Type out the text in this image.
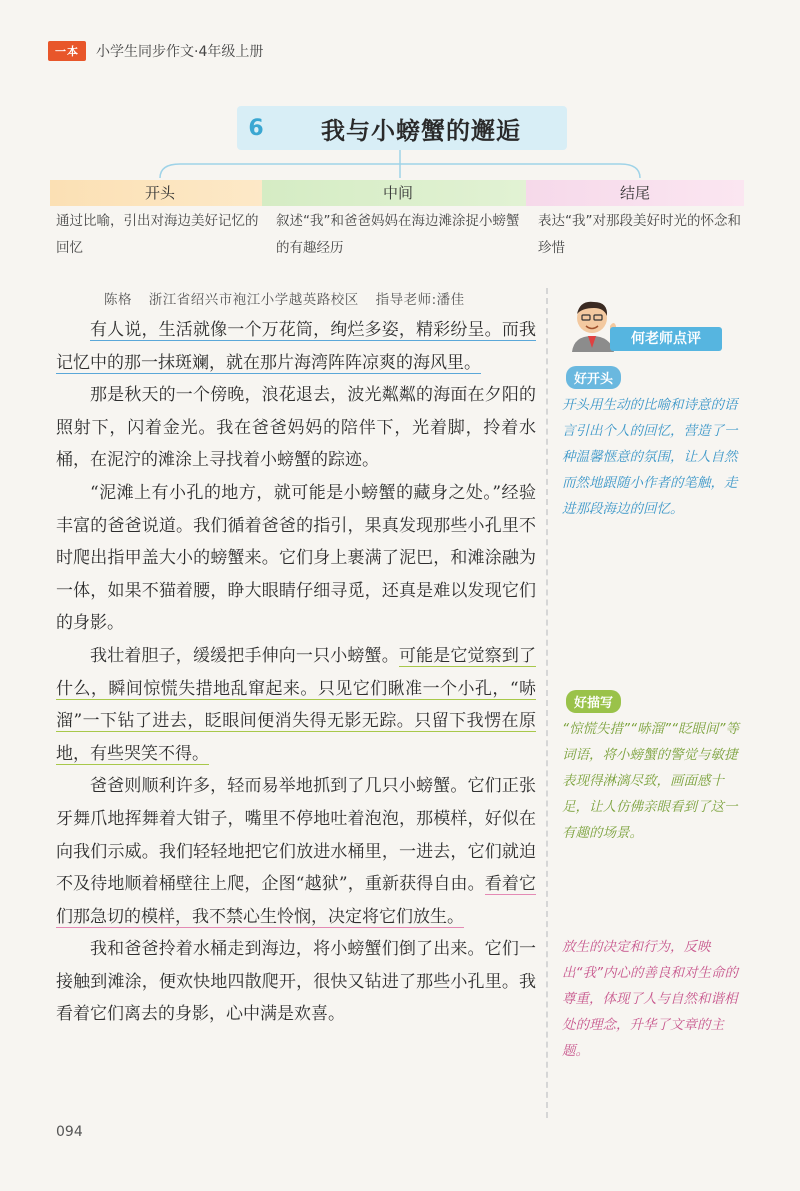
一本	小学生同步作文·4年级上册
6	我与小螃蟹的邂逅
开头	中间	结尾
通过比喻，引出对海边美好记忆的回忆
叙述“我”和爸爸妈妈在海边滩涂捉小螃蟹的有趣经历
表达“我”对那段美好时光的怀念和珍惜
陈格 浙江省绍兴市袍江小学越英路校区 指导老师:潘佳

有人说，生活就像一个万花筒，绚烂多姿，精彩纷呈。而我记忆中的那一抹斑斓，就在那片海湾阵阵凉爽的海风里。

那是秋天的一个傍晚，浪花退去，波光粼粼的海面在夕阳的照射下，闪着金光。我在爸爸妈妈的陪伴下，光着脚，拎着水桶，在泥泞的滩涂上寻找着小螃蟹的踪迹。

“泥滩上有小孔的地方，就可能是小螃蟹的藏身之处。”经验丰富的爸爸说道。我们循着爸爸的指引，果真发现那些小孔里不时爬出指甲盖大小的螃蟹来。它们身上裹满了泥巴，和滩涂融为一体，如果不猫着腰，睁大眼睛仔细寻觅，还真是难以发现它们的身影。

我壮着胆子，缓缓把手伸向一只小螃蟹。可能是它觉察到了什么，瞬间惊慌失措地乱窜起来。只见它们瞅准一个小孔，“哧溜”一下钻了进去，眨眼间便消失得无影无踪。只留下我愣在原地，有些哭笑不得。

爸爸则顺利许多，轻而易举地抓到了几只小螃蟹。它们正张牙舞爪地挥舞着大钳子，嘴里不停地吐着泡泡，那模样，好似在向我们示威。我们轻轻地把它们放进水桶里，一进去，它们就迫不及待地顺着桶壁往上爬，企图“越狱”，重新获得自由。看着它们那急切的模样，我不禁心生怜悯，决定将它们放生。

我和爸爸拎着水桶走到海边，将小螃蟹们倒了出来。它们一接触到滩涂，便欢快地四散爬开，很快又钻进了那些小孔里。我看着它们离去的身影，心中满是欢喜。

094
何老师点评
好开头
开头用生动的比喻和诗意的语言引出个人的回忆，营造了一种温馨惬意的氛围，让人自然而然地跟随小作者的笔触，走进那段海边的回忆。
好描写
“惊慌失措”“哧溜”“眨眼间”等词语，将小螃蟹的警觉与敏捷表现得淋漓尽致，画面感十足，让人仿佛亲眼看到了这一有趣的场景。
放生的决定和行为，反映出“我”内心的善良和对生命的尊重，体现了人与自然和谐相处的理念，升华了文章的主题。
